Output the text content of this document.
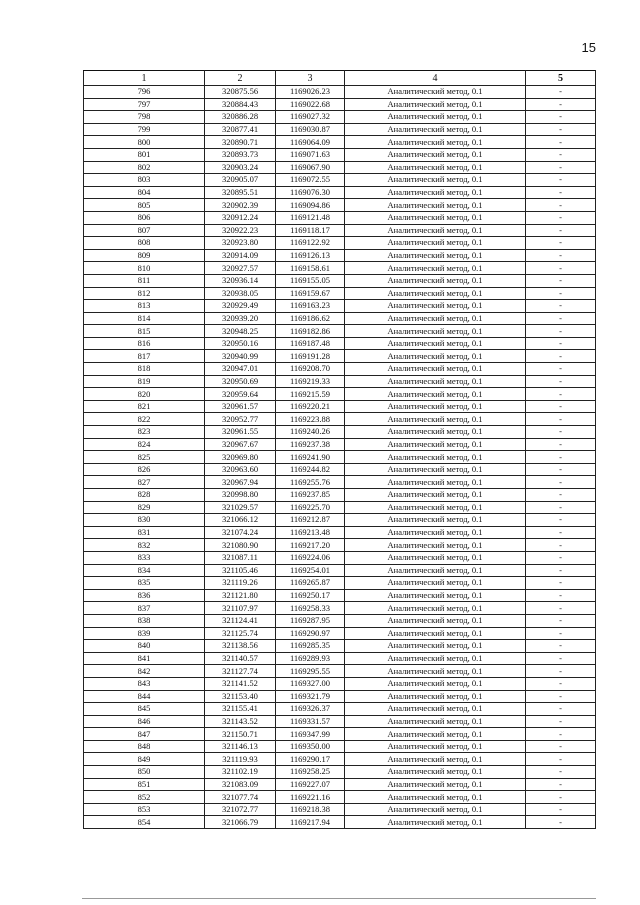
15
1	2	3	4	5
796	320875.56	1169026.23	Аналитический метод, 0.1	-
797	320884.43	1169022.68	Аналитический метод, 0.1	-
798	320886.28	1169027.32	Аналитический метод, 0.1	-
799	320877.41	1169030.87	Аналитический метод, 0.1	-
800	320890.71	1169064.09	Аналитический метод, 0.1	-
801	320893.73	1169071.63	Аналитический метод, 0.1	-
802	320903.24	1169067.90	Аналитический метод, 0.1	-
803	320905.07	1169072.55	Аналитический метод, 0.1	-
804	320895.51	1169076.30	Аналитический метод, 0.1	-
805	320902.39	1169094.86	Аналитический метод, 0.1	-
806	320912.24	1169121.48	Аналитический метод, 0.1	-
807	320922.23	1169118.17	Аналитический метод, 0.1	-
808	320923.80	1169122.92	Аналитический метод, 0.1	-
809	320914.09	1169126.13	Аналитический метод, 0.1	-
810	320927.57	1169158.61	Аналитический метод, 0.1	-
811	320936.14	1169155.05	Аналитический метод, 0.1	-
812	320938.05	1169159.67	Аналитический метод, 0.1	-
813	320929.49	1169163.23	Аналитический метод, 0.1	-
814	320939.20	1169186.62	Аналитический метод, 0.1	-
815	320948.25	1169182.86	Аналитический метод, 0.1	-
816	320950.16	1169187.48	Аналитический метод, 0.1	-
817	320940.99	1169191.28	Аналитический метод, 0.1	-
818	320947.01	1169208.70	Аналитический метод, 0.1	-
819	320950.69	1169219.33	Аналитический метод, 0.1	-
820	320959.64	1169215.59	Аналитический метод, 0.1	-
821	320961.57	1169220.21	Аналитический метод, 0.1	-
822	320952.77	1169223.88	Аналитический метод, 0.1	-
823	320961.55	1169240.26	Аналитический метод, 0.1	-
824	320967.67	1169237.38	Аналитический метод, 0.1	-
825	320969.80	1169241.90	Аналитический метод, 0.1	-
826	320963.60	1169244.82	Аналитический метод, 0.1	-
827	320967.94	1169255.76	Аналитический метод, 0.1	-
828	320998.80	1169237.85	Аналитический метод, 0.1	-
829	321029.57	1169225.70	Аналитический метод, 0.1	-
830	321066.12	1169212.87	Аналитический метод, 0.1	-
831	321074.24	1169213.48	Аналитический метод, 0.1	-
832	321080.90	1169217.20	Аналитический метод, 0.1	-
833	321087.11	1169224.06	Аналитический метод, 0.1	-
834	321105.46	1169254.01	Аналитический метод, 0.1	-
835	321119.26	1169265.87	Аналитический метод, 0.1	-
836	321121.80	1169250.17	Аналитический метод, 0.1	-
837	321107.97	1169258.33	Аналитический метод, 0.1	-
838	321124.41	1169287.95	Аналитический метод, 0.1	-
839	321125.74	1169290.97	Аналитический метод, 0.1	-
840	321138.56	1169285.35	Аналитический метод, 0.1	-
841	321140.57	1169289.93	Аналитический метод, 0.1	-
842	321127.74	1169295.55	Аналитический метод, 0.1	-
843	321141.52	1169327.00	Аналитический метод, 0.1	-
844	321153.40	1169321.79	Аналитический метод, 0.1	-
845	321155.41	1169326.37	Аналитический метод, 0.1	-
846	321143.52	1169331.57	Аналитический метод, 0.1	-
847	321150.71	1169347.99	Аналитический метод, 0.1	-
848	321146.13	1169350.00	Аналитический метод, 0.1	-
849	321119.93	1169290.17	Аналитический метод, 0.1	-
850	321102.19	1169258.25	Аналитический метод, 0.1	-
851	321083.09	1169227.07	Аналитический метод, 0.1	-
852	321077.74	1169221.16	Аналитический метод, 0.1	-
853	321072.77	1169218.38	Аналитический метод, 0.1	-
854	321066.79	1169217.94	Аналитический метод, 0.1	-
